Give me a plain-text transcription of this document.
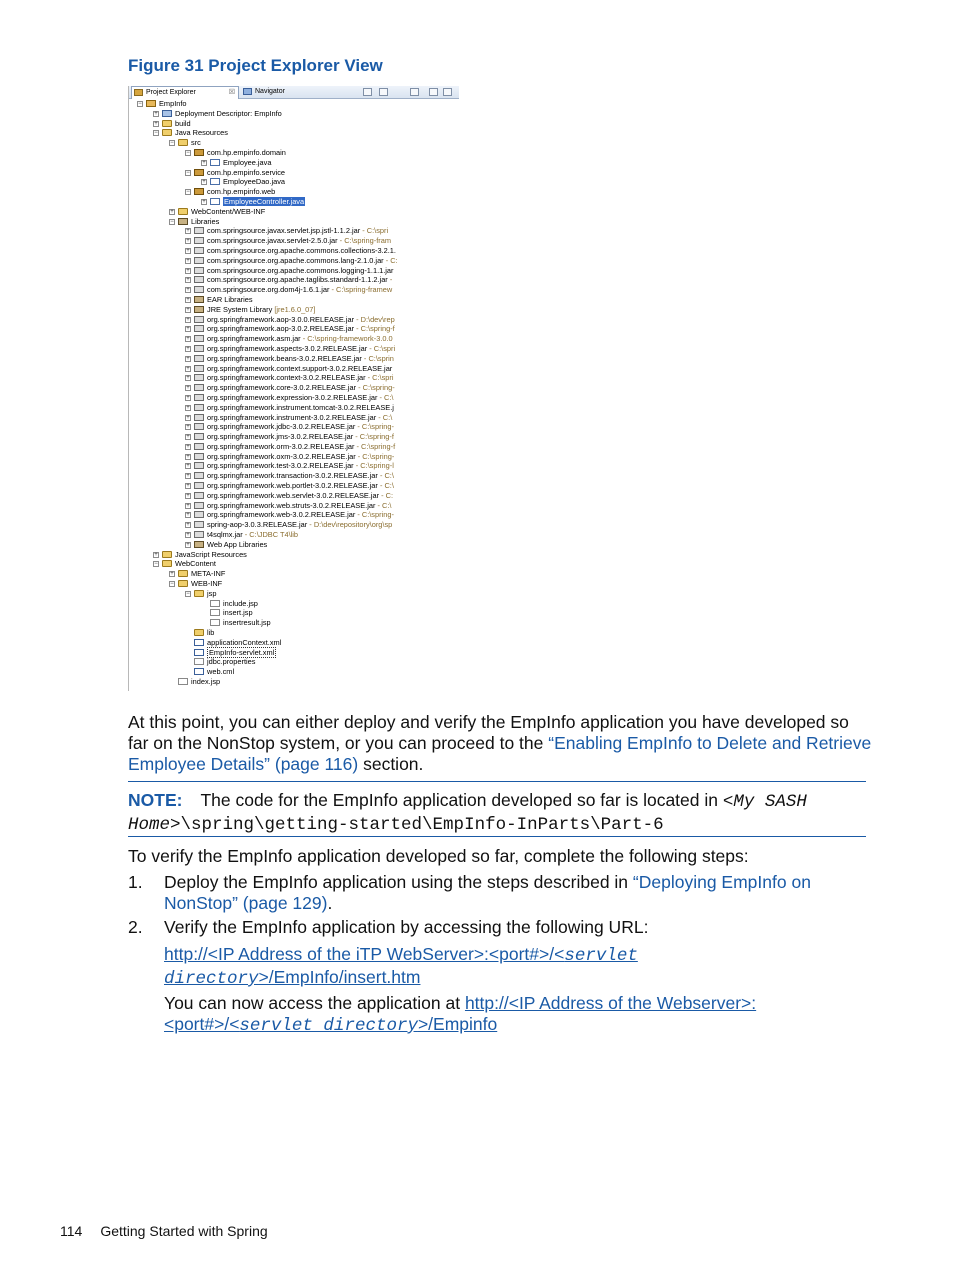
Figure 31 Project Explorer View
Project Explorer	☒	Navigator
− EmpInfo
+ Deployment Descriptor: EmpInfo
+ build
− Java Resources
− src
− com.hp.empinfo.domain
+ Employee.java
− com.hp.empinfo.service
+ EmployeeDao.java
− com.hp.empinfo.web
+ EmployeeController.java
+ WebContent/WEB-INF
− Libraries
+ com.springsource.javax.servlet.jsp.jstl-1.1.2.jar - C:\spri
+ com.springsource.javax.servlet-2.5.0.jar - C:\spring-fram
+ com.springsource.org.apache.commons.collections-3.2.1.
+ com.springsource.org.apache.commons.lang-2.1.0.jar - C:
+ com.springsource.org.apache.commons.logging-1.1.1.jar
+ com.springsource.org.apache.taglibs.standard-1.1.2.jar -
+ com.springsource.org.dom4j-1.6.1.jar - C:\spring-framew
+ EAR Libraries
+ JRE System Library [jre1.6.0_07]
+ org.springframework.aop-3.0.0.RELEASE.jar - D:\dev\rep
+ org.springframework.aop-3.0.2.RELEASE.jar - C:\spring-f
+ org.springframework.asm.jar - C:\spring-framework-3.0.0
+ org.springframework.aspects-3.0.2.RELEASE.jar - C:\spri
+ org.springframework.beans-3.0.2.RELEASE.jar - C:\sprin
+ org.springframework.context.support-3.0.2.RELEASE.jar
+ org.springframework.context-3.0.2.RELEASE.jar - C:\spri
+ org.springframework.core-3.0.2.RELEASE.jar - C:\spring-
+ org.springframework.expression-3.0.2.RELEASE.jar - C:\
+ org.springframework.instrument.tomcat-3.0.2.RELEASE.j
+ org.springframework.instrument-3.0.2.RELEASE.jar - C:\
+ org.springframework.jdbc-3.0.2.RELEASE.jar - C:\spring-
+ org.springframework.jms-3.0.2.RELEASE.jar - C:\spring-f
+ org.springframework.orm-3.0.2.RELEASE.jar - C:\spring-f
+ org.springframework.oxm-3.0.2.RELEASE.jar - C:\spring-
+ org.springframework.test-3.0.2.RELEASE.jar - C:\spring-l
+ org.springframework.transaction-3.0.2.RELEASE.jar - C:\
+ org.springframework.web.portlet-3.0.2.RELEASE.jar - C:\
+ org.springframework.web.servlet-3.0.2.RELEASE.jar - C:
+ org.springframework.web.struts-3.0.2.RELEASE.jar - C:\
+ org.springframework.web-3.0.2.RELEASE.jar - C:\spring-
+ spring-aop-3.0.3.RELEASE.jar - D:\dev\repository\org\sp
+ t4sqlmx.jar - C:\JDBC T4\lib
+ Web App Libraries
+ JavaScript Resources
− WebContent
+ META-INF
− WEB-INF
− jsp
include.jsp
insert.jsp
insertresult.jsp
lib
applicationContext.xml
EmpInfo-servlet.xml
jdbc.properties
web.cml
index.jsp
At this point, you can either deploy and verify the EmpInfo application you have developed so far on the NonStop system, or you can proceed to the “Enabling EmpInfo to Delete and Retrieve Employee Details” (page 116) section.
NOTE: The code for the EmpInfo application developed so far is located in <My SASH Home>\spring\getting-started\EmpInfo-InParts\Part-6
To verify the EmpInfo application developed so far, complete the following steps:
1. Deploy the EmpInfo application using the steps described in “Deploying EmpInfo on NonStop” (page 129).
2. Verify the EmpInfo application by accessing the following URL:
http://<IP Address of the iTP WebServer>:<port#>/<servlet directory>/EmpInfo/insert.htm
You can now access the application at http://<IP Address of the Webserver>:<port#>/<servlet directory>/Empinfo
114 Getting Started with Spring
